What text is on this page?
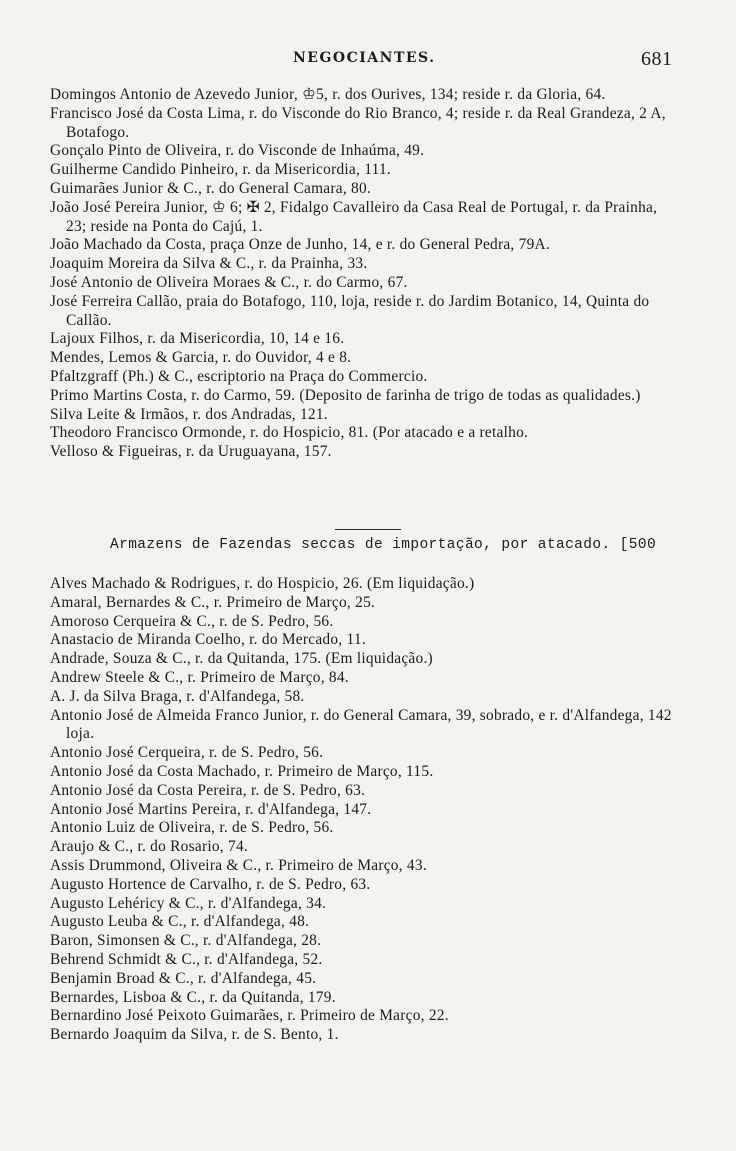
NEGOCIANTES.	681
Domingos Antonio de Azevedo Junior, ♔5, r. dos Ourives, 134; reside r. da Gloria, 64.
Francisco José da Costa Lima, r. do Visconde do Rio Branco, 4; reside r. da Real Grandeza, 2 A, Botafogo.
Gonçalo Pinto de Oliveira, r. do Visconde de Inhaúma, 49.
Guilherme Candido Pinheiro, r. da Misericordia, 111.
Guimarães Junior & C., r. do General Camara, 80.
João José Pereira Junior, ♔ 6; ✠ 2, Fidalgo Cavalleiro da Casa Real de Portugal, r. da Prainha, 23; reside na Ponta do Cajú, 1.
João Machado da Costa, praça Onze de Junho, 14, e r. do General Pedra, 79A.
Joaquim Moreira da Silva & C., r. da Prainha, 33.
José Antonio de Oliveira Moraes & C., r. do Carmo, 67.
José Ferreira Callão, praia do Botafogo, 110, loja, reside r. do Jardim Botanico, 14, Quinta do Callão.
Lajoux Filhos, r. da Misericordia, 10, 14 e 16.
Mendes, Lemos & Garcia, r. do Ouvidor, 4 e 8.
Pfaltzgraff (Ph.) & C., escriptorio na Praça do Commercio.
Primo Martins Costa, r. do Carmo, 59. (Deposito de farinha de trigo de todas as qualidades.)
Silva Leite & Irmãos, r. dos Andradas, 121.
Theodoro Francisco Ormonde, r. do Hospicio, 81. (Por atacado e a retalho.
Velloso & Figueiras, r. da Uruguayana, 157.
Armazens de Fazendas seccas de importação, por atacado. [500
Alves Machado & Rodrigues, r. do Hospicio, 26. (Em liquidação.)
Amaral, Bernardes & C., r. Primeiro de Março, 25.
Amoroso Cerqueira & C., r. de S. Pedro, 56.
Anastacio de Miranda Coelho, r. do Mercado, 11.
Andrade, Souza & C., r. da Quitanda, 175. (Em liquidação.)
Andrew Steele & C., r. Primeiro de Março, 84.
A. J. da Silva Braga, r. d'Alfandega, 58.
Antonio José de Almeida Franco Junior, r. do General Camara, 39, sobrado, e r. d'Alfandega, 142 loja.
Antonio José Cerqueira, r. de S. Pedro, 56.
Antonio José da Costa Machado, r. Primeiro de Março, 115.
Antonio José da Costa Pereira, r. de S. Pedro, 63.
Antonio José Martins Pereira, r. d'Alfandega, 147.
Antonio Luiz de Oliveira, r. de S. Pedro, 56.
Araujo & C., r. do Rosario, 74.
Assis Drummond, Oliveira & C., r. Primeiro de Março, 43.
Augusto Hortence de Carvalho, r. de S. Pedro, 63.
Augusto Lehéricy & C., r. d'Alfandega, 34.
Augusto Leuba & C., r. d'Alfandega, 48.
Baron, Simonsen & C., r. d'Alfandega, 28.
Behrend Schmidt & C., r. d'Alfandega, 52.
Benjamin Broad & C., r. d'Alfandega, 45.
Bernardes, Lisboa & C., r. da Quitanda, 179.
Bernardino José Peixoto Guimarães, r. Primeiro de Março, 22.
Bernardo Joaquim da Silva, r. de S. Bento, 1.
